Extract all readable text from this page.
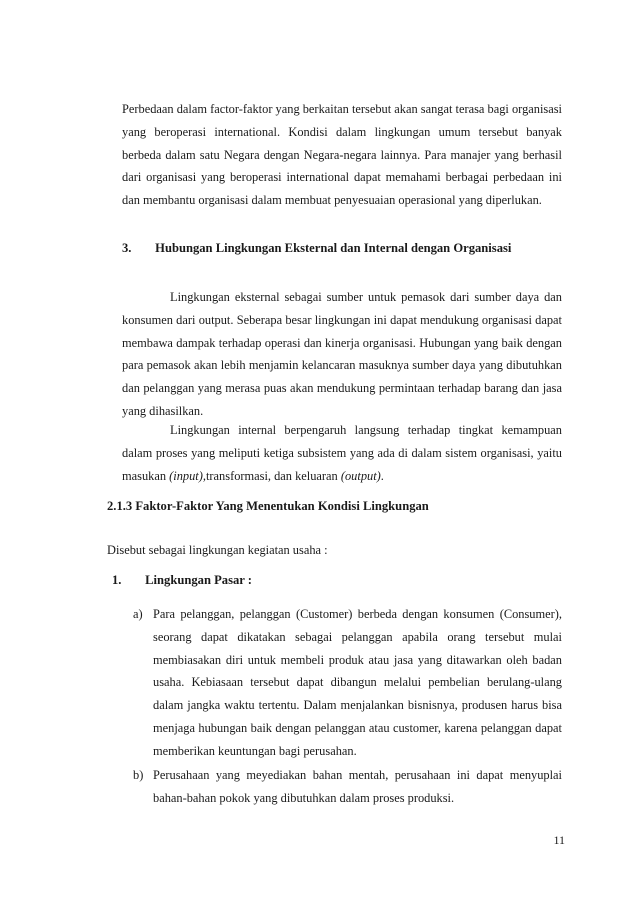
Perbedaan dalam factor-faktor yang berkaitan tersebut akan sangat terasa bagi organisasi yang beroperasi international. Kondisi dalam lingkungan umum tersebut banyak berbeda dalam satu Negara dengan Negara-negara lainnya. Para manajer yang berhasil dari organisasi yang beroperasi international dapat memahami berbagai perbedaan ini dan membantu organisasi dalam membuat penyesuaian operasional yang diperlukan.

3. Hubungan Lingkungan Eksternal dan Internal dengan Organisasi

Lingkungan eksternal sebagai sumber untuk pemasok dari sumber daya dan konsumen dari output. Seberapa besar lingkungan ini dapat mendukung organisasi dapat membawa dampak terhadap operasi dan kinerja organisasi. Hubungan yang baik dengan para pemasok akan lebih menjamin kelancaran masuknya sumber daya yang dibutuhkan dan pelanggan yang merasa puas akan mendukung permintaan terhadap barang dan jasa yang dihasilkan.

Lingkungan internal berpengaruh langsung terhadap tingkat kemampuan dalam proses yang meliputi ketiga subsistem yang ada di dalam sistem organisasi, yaitu masukan (input),transformasi, dan keluaran (output).

2.1.3 Faktor-Faktor Yang Menentukan Kondisi Lingkungan

Disebut sebagai lingkungan kegiatan usaha :

1. Lingkungan Pasar :
a) Para pelanggan, pelanggan (Customer) berbeda dengan konsumen (Consumer), seorang dapat dikatakan sebagai pelanggan apabila orang tersebut mulai membiasakan diri untuk membeli produk atau jasa yang ditawarkan oleh badan usaha. Kebiasaan tersebut dapat dibangun melalui pembelian berulang-ulang dalam jangka waktu tertentu. Dalam menjalankan bisnisnya, produsen harus bisa menjaga hubungan baik dengan pelanggan atau customer, karena pelanggan dapat memberikan keuntungan bagi perusahan.
b) Perusahaan yang meyediakan bahan mentah, perusahaan ini dapat menyuplai bahan-bahan pokok yang dibutuhkan dalam proses produksi.
11
